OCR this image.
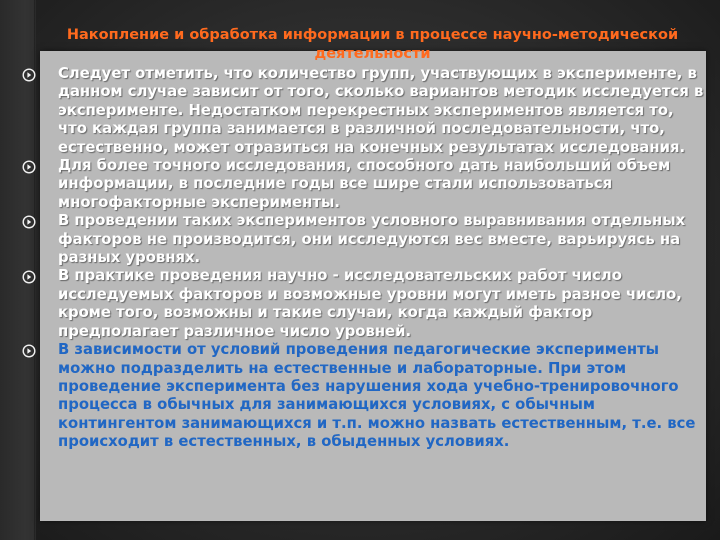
Накопление и обработка информации в процессе научно-методической деятельности
Следует отметить, что количество групп, участвующих в эксперименте, в данном случае зависит от того, сколько вариантов методик исследуется в эксперименте. Недостатком перекрестных экспериментов является то, что каждая группа занимается в различной последовательности, что, естественно, может отразиться на конечных результатах исследования.
Для более точного исследования, способного дать наибольший объем информации, в последние годы все шире стали использоваться многофакторные эксперименты.
В проведении таких экспериментов условного выравнивания отдельных факторов не производится, они исследуются вес вместе, варьируясь на разных уровнях.
В практике проведения научно - исследовательских работ число исследуемых факторов и возможные уровни могут иметь разное число, кроме того, возможны и такие случаи, когда каждый фактор предполагает различное число уровней.
В зависимости от условий проведения педагогические эксперименты можно подразделить на естественные и лабораторные. При этом проведение эксперимента без нарушения хода учебно-тренировочного процесса в обычных для занимающихся условиях, с обычным контингентом занимающихся и т.п. можно назвать естественным, т.е. все происходит в естественных, в обыденных условиях.
